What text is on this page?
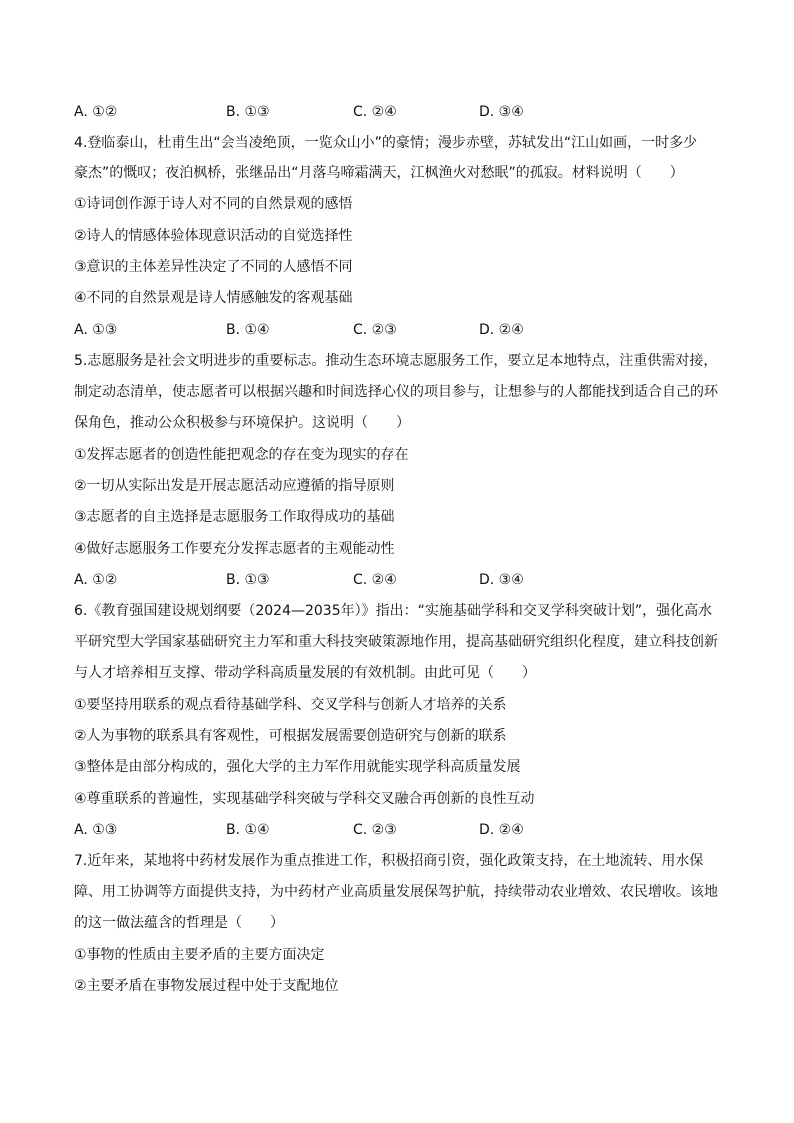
A. ①②	B. ①③	C. ②④	D. ③④
4.登临泰山，杜甫生出“会当凌绝顶，一览众山小”的豪情；漫步赤壁，苏轼发出“江山如画，一时多少
豪杰”的慨叹；夜泊枫桥，张继品出“月落乌啼霜满天，江枫渔火对愁眠”的孤寂。材料说明（　　）
①诗词创作源于诗人对不同的自然景观的感悟
②诗人的情感体验体现意识活动的自觉选择性
③意识的主体差异性决定了不同的人感悟不同
④不同的自然景观是诗人情感触发的客观基础
A. ①③	B. ①④	C. ②③	D. ②④
5.志愿服务是社会文明进步的重要标志。推动生态环境志愿服务工作，要立足本地特点，注重供需对接，
制定动态清单，使志愿者可以根据兴趣和时间选择心仪的项目参与，让想参与的人都能找到适合自己的环
保角色，推动公众积极参与环境保护。这说明（　　）
①发挥志愿者的创造性能把观念的存在变为现实的存在
②一切从实际出发是开展志愿活动应遵循的指导原则
③志愿者的自主选择是志愿服务工作取得成功的基础
④做好志愿服务工作要充分发挥志愿者的主观能动性
A. ①②	B. ①③	C. ②④	D. ③④
6.《教育强国建设规划纲要（2024—2035年）》指出：“实施基础学科和交叉学科突破计划”，强化高水
平研究型大学国家基础研究主力军和重大科技突破策源地作用，提高基础研究组织化程度，建立科技创新
与人才培养相互支撑、带动学科高质量发展的有效机制。由此可见（　　）
①要坚持用联系的观点看待基础学科、交叉学科与创新人才培养的关系
②人为事物的联系具有客观性，可根据发展需要创造研究与创新的联系
③整体是由部分构成的，强化大学的主力军作用就能实现学科高质量发展
④尊重联系的普遍性，实现基础学科突破与学科交叉融合再创新的良性互动
A. ①③	B. ①④	C. ②③	D. ②④
7.近年来，某地将中药材发展作为重点推进工作，积极招商引资，强化政策支持，在土地流转、用水保
障、用工协调等方面提供支持，为中药材产业高质量发展保驾护航，持续带动农业增效、农民增收。该地
的这一做法蕴含的哲理是（　　）
①事物的性质由主要矛盾的主要方面决定
②主要矛盾在事物发展过程中处于支配地位
